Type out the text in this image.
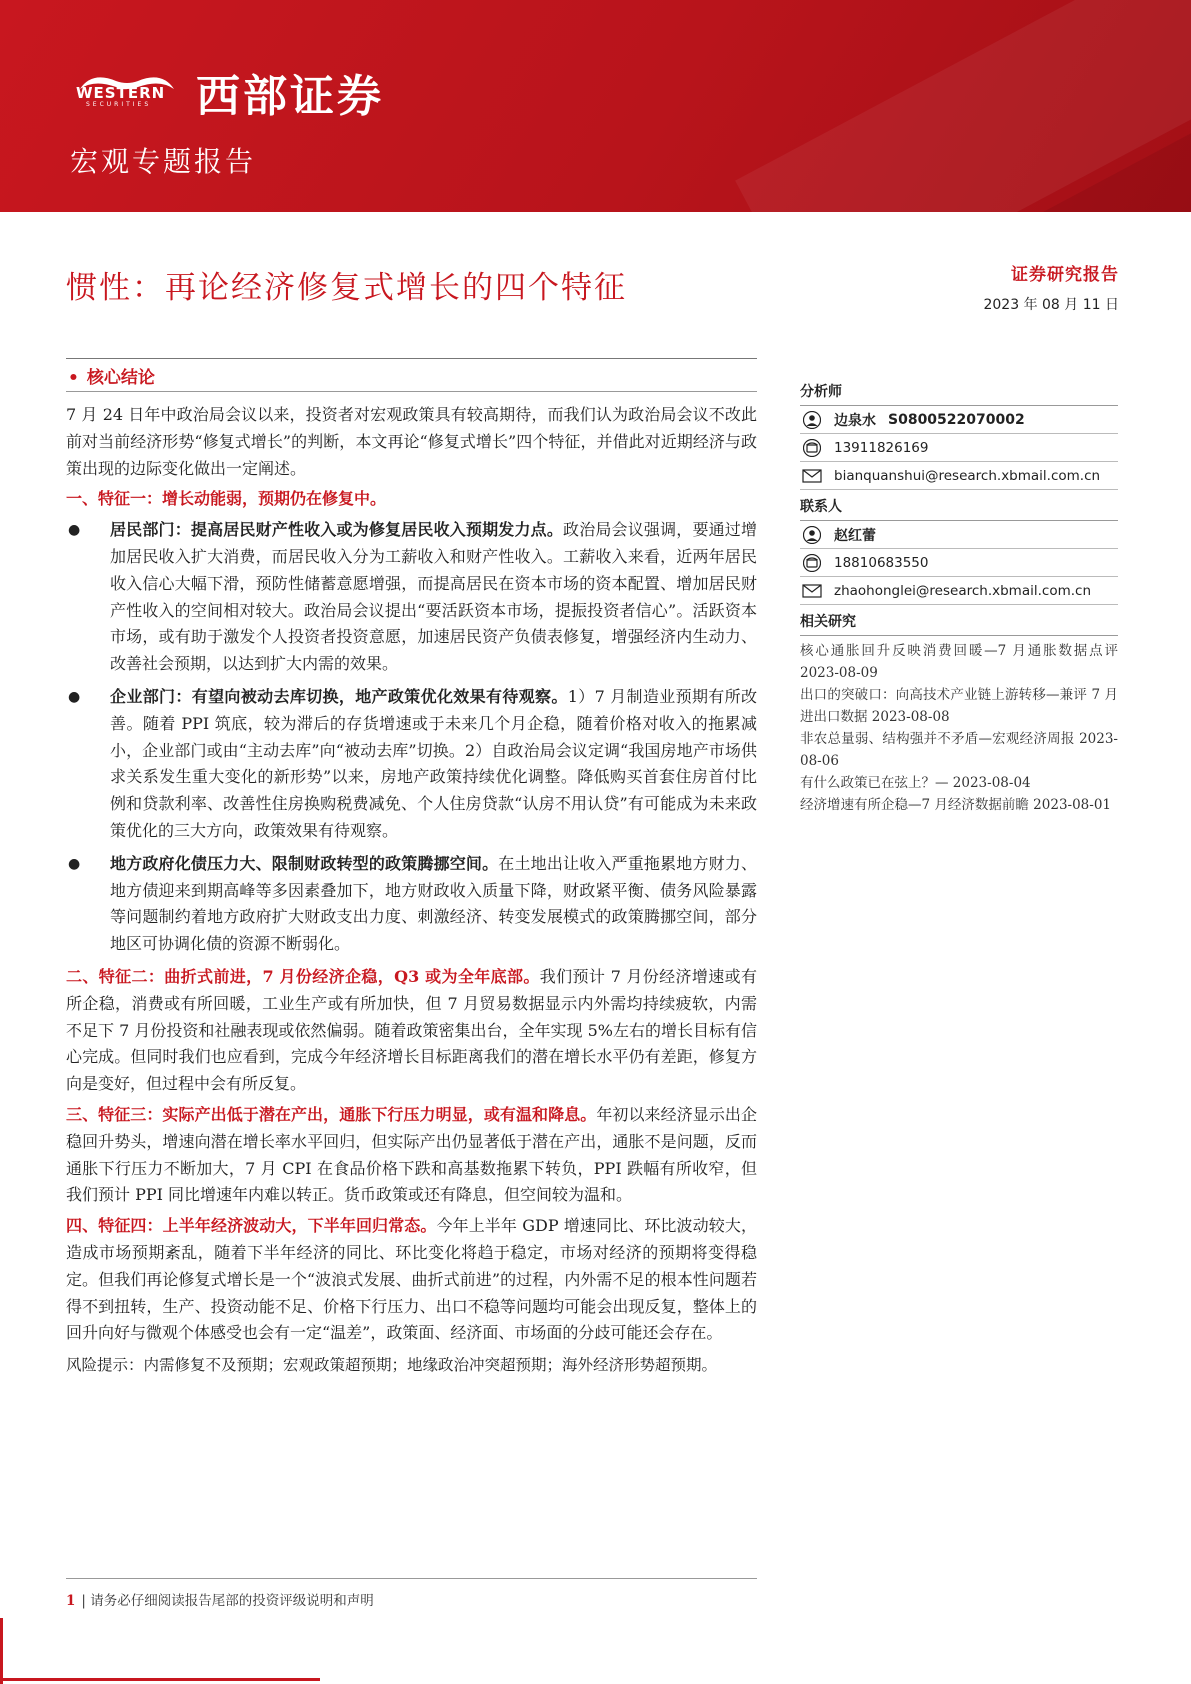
WESTERN
SECURITIES 西部证券
宏观专题报告
惯性：再论经济修复式增长的四个特征	证券研究报告
2023 年 08 月 11 日
• 核心结论

7 月 24 日年中政治局会议以来，投资者对宏观政策具有较高期待，而我们认为政治局会议不改此前对当前经济形势“修复式增长”的判断，本文再论“修复式增长”四个特征，并借此对近期经济与政策出现的边际变化做出一定阐述。

一、特征一：增长动能弱，预期仍在修复中。

● 居民部门：提高居民财产性收入或为修复居民收入预期发力点。政治局会议强调，要通过增加居民收入扩大消费，而居民收入分为工薪收入和财产性收入。工薪收入来看，近两年居民收入信心大幅下滑，预防性储蓄意愿增强，而提高居民在资本市场的资本配置、增加居民财产性收入的空间相对较大。政治局会议提出“要活跃资本市场，提振投资者信心”。活跃资本市场，或有助于激发个人投资者投资意愿，加速居民资产负债表修复，增强经济内生动力、改善社会预期，以达到扩大内需的效果。

● 企业部门：有望向被动去库切换，地产政策优化效果有待观察。1）7 月制造业预期有所改善。随着 PPI 筑底，较为滞后的存货增速或于未来几个月企稳，随着价格对收入的拖累减小，企业部门或由“主动去库”向“被动去库”切换。2）自政治局会议定调“我国房地产市场供求关系发生重大变化的新形势”以来，房地产政策持续优化调整。降低购买首套住房首付比例和贷款利率、改善性住房换购税费减免、个人住房贷款“认房不用认贷”有可能成为未来政策优化的三大方向，政策效果有待观察。

● 地方政府化债压力大、限制财政转型的政策腾挪空间。在土地出让收入严重拖累地方财力、地方债迎来到期高峰等多因素叠加下，地方财政收入质量下降，财政紧平衡、债务风险暴露等问题制约着地方政府扩大财政支出力度、刺激经济、转变发展模式的政策腾挪空间，部分地区可协调化债的资源不断弱化。

二、特征二：曲折式前进，7 月份经济企稳，Q3 或为全年底部。我们预计 7 月份经济增速或有所企稳，消费或有所回暖，工业生产或有所加快，但 7 月贸易数据显示内外需均持续疲软，内需不足下 7 月份投资和社融表现或依然偏弱。随着政策密集出台，全年实现 5%左右的增长目标有信心完成。但同时我们也应看到，完成今年经济增长目标距离我们的潜在增长水平仍有差距，修复方向是变好，但过程中会有所反复。

三、特征三：实际产出低于潜在产出，通胀下行压力明显，或有温和降息。年初以来经济显示出企稳回升势头，增速向潜在增长率水平回归，但实际产出仍显著低于潜在产出，通胀不是问题，反而通胀下行压力不断加大，7 月 CPI 在食品价格下跌和高基数拖累下转负，PPI 跌幅有所收窄，但我们预计 PPI 同比增速年内难以转正。货币政策或还有降息，但空间较为温和。

四、特征四：上半年经济波动大，下半年回归常态。今年上半年 GDP 增速同比、环比波动较大，造成市场预期紊乱，随着下半年经济的同比、环比变化将趋于稳定，市场对经济的预期将变得稳定。但我们再论修复式增长是一个“波浪式发展、曲折式前进”的过程，内外需不足的根本性问题若得不到扭转，生产、投资动能不足、价格下行压力、出口不稳等问题均可能会出现反复，整体上的回升向好与微观个体感受也会有一定“温差”，政策面、经济面、市场面的分歧可能还会存在。

风险提示：内需修复不及预期；宏观政策超预期；地缘政治冲突超预期；海外经济形势超预期。

分析师
边泉水 S0800522070002
13911826169
bianquanshui@research.xbmail.com.cn
联系人
赵红蕾
18810683550
zhaohonglei@research.xbmail.com.cn
相关研究
核心通胀回升反映消费回暖—7 月通胀数据点评 2023-08-09
出口的突破口：向高技术产业链上游转移—兼评 7 月进出口数据 2023-08-08
非农总量弱、结构强并不矛盾—宏观经济周报 2023-08-06
有什么政策已在弦上？— 2023-08-04
经济增速有所企稳—7 月经济数据前瞻 2023-08-01
1 | 请务必仔细阅读报告尾部的投资评级说明和声明
